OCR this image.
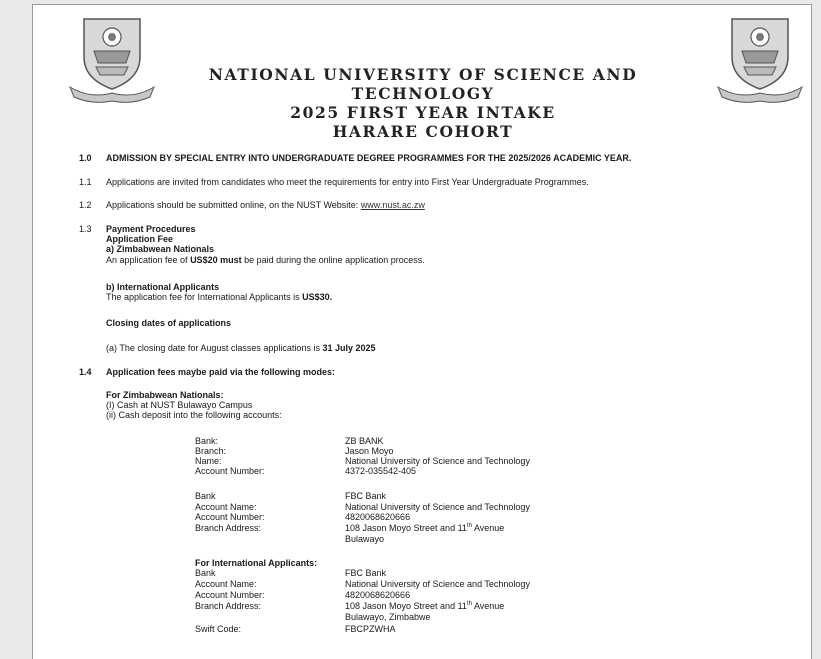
NATIONAL UNIVERSITY OF SCIENCE AND TECHNOLOGY
2025 FIRST YEAR INTAKE
HARARE COHORT
1.0 ADMISSION BY SPECIAL ENTRY INTO UNDERGRADUATE DEGREE PROGRAMMES FOR THE 2025/2026 ACADEMIC YEAR.
1.1 Applications are invited from candidates who meet the requirements for entry into First Year Undergraduate Programmes.
1.2 Applications should be submitted online, on the NUST Website: www.nust.ac.zw
1.3 Payment Procedures
Application Fee
a) Zimbabwean Nationals
An application fee of US$20 must be paid during the online application process.
b) International Applicants
The application fee for International Applicants is US$30.
Closing dates of applications
(a) The closing date for August classes applications is 31 July 2025
1.4 Application fees maybe paid via the following modes:
For Zimbabwean Nationals:
(I) Cash at NUST Bulawayo Campus
(ii) Cash deposit into the following accounts:
Bank:	ZB BANK
Branch:	Jason Moyo
Name:	National University of Science and Technology
Account Number:	4372-035542-405
Bank	FBC Bank
Account Name:	National University of Science and Technology
Account Number:	4820068620666
Branch Address:	108 Jason Moyo Street and 11th Avenue
Bulawayo
For International Applicants:
Bank	FBC Bank
Account Name:	National University of Science and Technology
Account Number:	4820068620666
Branch Address:	108 Jason Moyo Street and 11th Avenue
Bulawayo, Zimbabwe
Swift Code:	FBCPZWHA
